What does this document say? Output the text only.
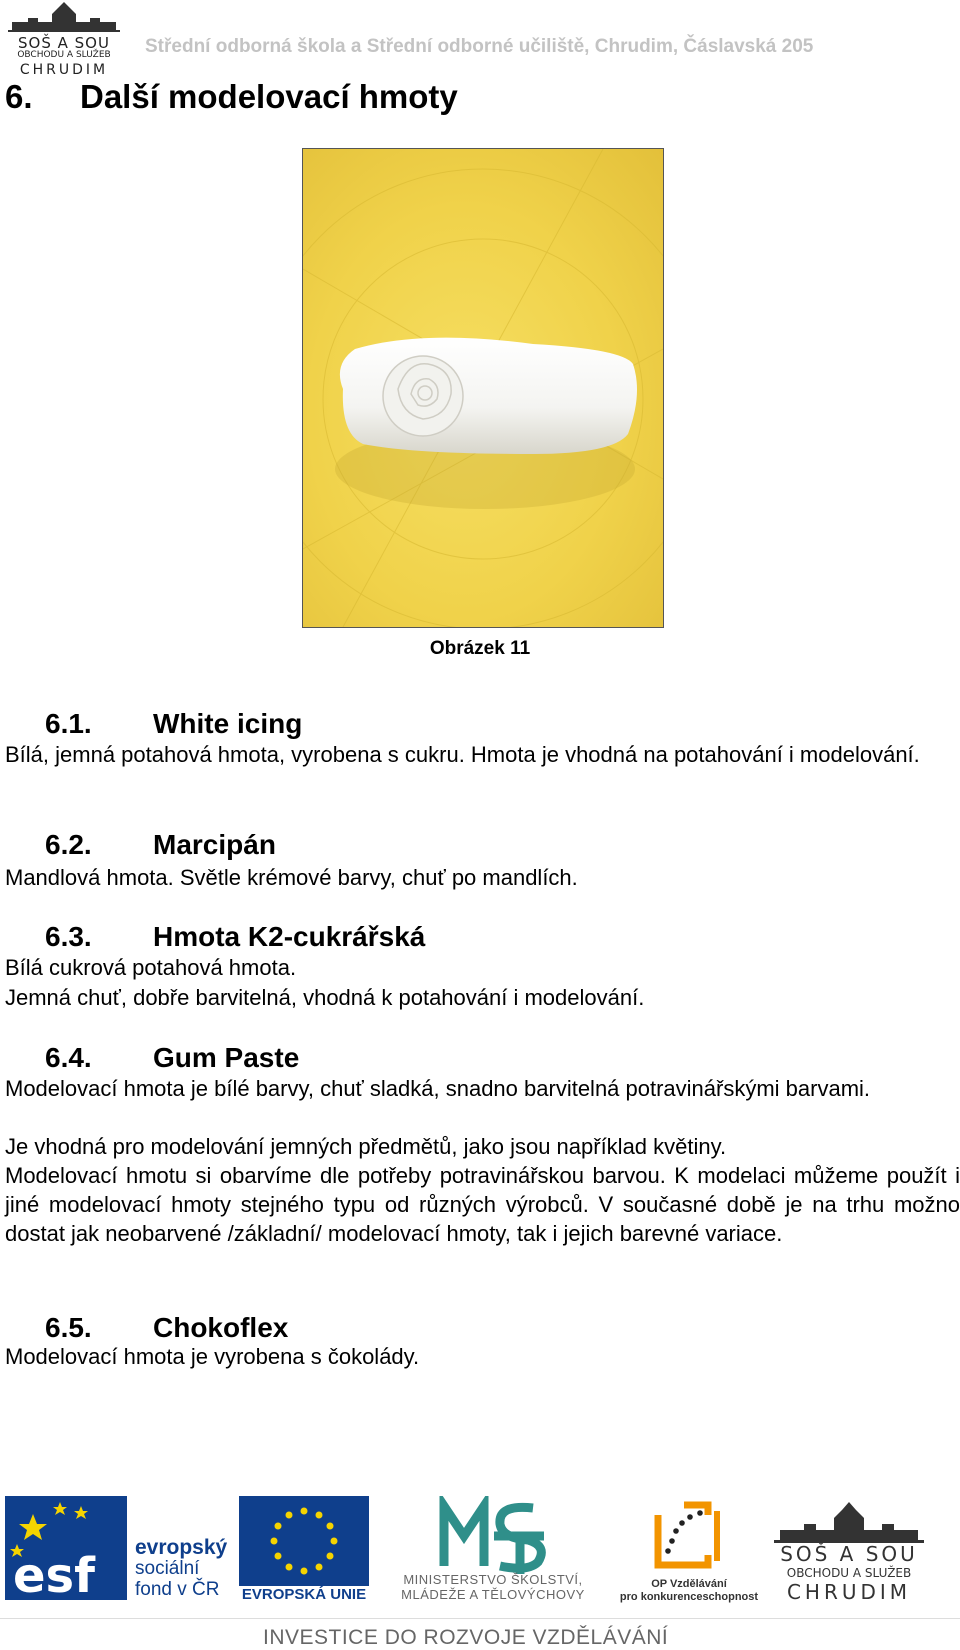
SOŠ A SOU
OBCHODU A SLUŽEB
CHRUDIM
Střední odborná škola a Střední odborné učiliště, Chrudim, Čáslavská 205
6. Další modelovací hmoty
Obrázek 11
6.1. White icing
Bílá, jemná potahová hmota, vyrobena s cukru. Hmota je vhodná na potahování i modelování.
6.2. Marcipán
Mandlová hmota. Světle krémové barvy, chuť po mandlích.
6.3. Hmota K2-cukrářská
Bílá cukrová potahová hmota.
Jemná chuť, dobře barvitelná, vhodná k potahování i modelování.
6.4. Gum Paste
Modelovací hmota je bílé barvy, chuť sladká, snadno barvitelná potravinářskými barvami.
Je vhodná pro modelování jemných předmětů, jako jsou například květiny.
Modelovací hmotu si obarvíme dle potřeby potravinářskou barvou. K modelaci můžeme použít i jiné modelovací hmoty stejného typu od různých výrobců. V současné době je na trhu možno dostat jak neobarvené /základní/ modelovací hmoty, tak i jejich barevné variace.
6.5. Chokoflex
Modelovací hmota je vyrobena s čokolády.
esf
evropský
sociální
fond v ČR	EVROPSKÁ UNIE
MINISTERSTVO ŠKOLSTVÍ,
MLÁDEŽE A TĚLOVÝCHOVY
OP Vzdělávání
pro konkurenceschopnost
SOŠ A SOU
OBCHODU A SLUŽEB
CHRUDIM
INVESTICE DO ROZVOJE VZDĚLÁVÁNÍ
